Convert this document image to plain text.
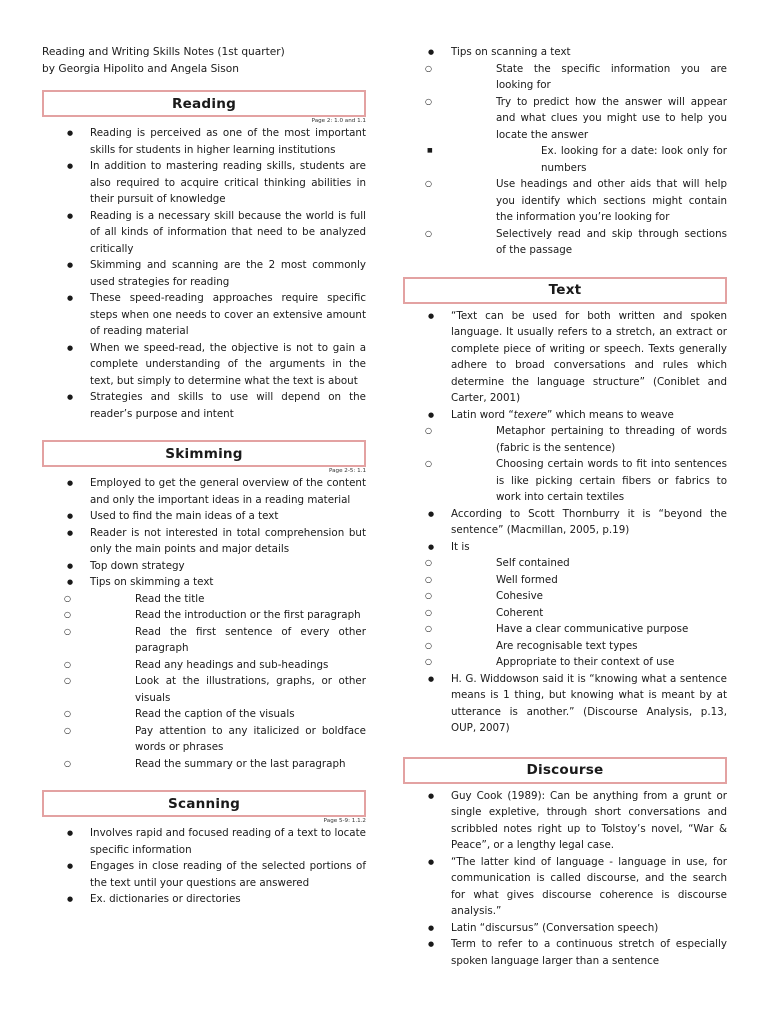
Reading and Writing Skills Notes (1st quarter)
by Georgia Hipolito and Angela Sison
Reading
Page 2: 1.0 and 1.1
● Reading is perceived as one of the most important skills for students in higher learning institutions
● In addition to mastering reading skills, students are also required to acquire critical thinking abilities in their pursuit of knowledge
● Reading is a necessary skill because the world is full of all kinds of information that need to be analyzed critically
● Skimming and scanning are the 2 most commonly used strategies for reading
● These speed-reading approaches require specific steps when one needs to cover an extensive amount of reading material
● When we speed-read, the objective is not to gain a complete understanding of the arguments in the text, but simply to determine what the text is about
● Strategies and skills to use will depend on the reader’s purpose and intent
Skimming
Page 2-5: 1.1
● Employed to get the general overview of the content and only the important ideas in a reading material
● Used to find the main ideas of a text
● Reader is not interested in total comprehension but only the main points and major details
● Top down strategy
● Tips on skimming a text
○ Read the title
○ Read the introduction or the first paragraph
○ Read the first sentence of every other paragraph
○ Read any headings and sub-headings
○ Look at the illustrations, graphs, or other visuals
○ Read the caption of the visuals
○ Pay attention to any italicized or boldface words or phrases
○ Read the summary or the last paragraph
Scanning
Page 5-9: 1.1.2
● Involves rapid and focused reading of a text to locate specific information
● Engages in close reading of the selected portions of the text until your questions are answered
● Ex. dictionaries or directories
● Tips on scanning a text
○ State the specific information you are looking for
○ Try to predict how the answer will appear and what clues you might use to help you locate the answer
■ Ex. looking for a date: look only for numbers
○ Use headings and other aids that will help you identify which sections might contain the information you’re looking for
○ Selectively read and skip through sections of the passage
Text
● “Text can be used for both written and spoken language. It usually refers to a stretch, an extract or complete piece of writing or speech. Texts generally adhere to broad conversations and rules which determine the language structure” (Coniblet and Carter, 2001)
● Latin word “texere” which means to weave
○ Metaphor pertaining to threading of words (fabric is the sentence)
○ Choosing certain words to fit into sentences is like picking certain fibers or fabrics to work into certain textiles
● According to Scott Thornburry it is “beyond the sentence” (Macmillan, 2005, p.19)
● It is
○ Self contained
○ Well formed
○ Cohesive
○ Coherent
○ Have a clear communicative purpose
○ Are recognisable text types
○ Appropriate to their context of use
● H. G. Widdowson said it is “knowing what a sentence means is 1 thing, but knowing what is meant by at utterance is another.” (Discourse Analysis, p.13, OUP, 2007)
Discourse
● Guy Cook (1989): Can be anything from a grunt or single expletive, through short conversations and scribbled notes right up to Tolstoy’s novel, “War & Peace”, or a lengthy legal case.
● “The latter kind of language - language in use, for communication is called discourse, and the search for what gives discourse coherence is discourse analysis.”
● Latin “discursus” (Conversation speech)
● Term to refer to a continuous stretch of especially spoken language larger than a sentence
